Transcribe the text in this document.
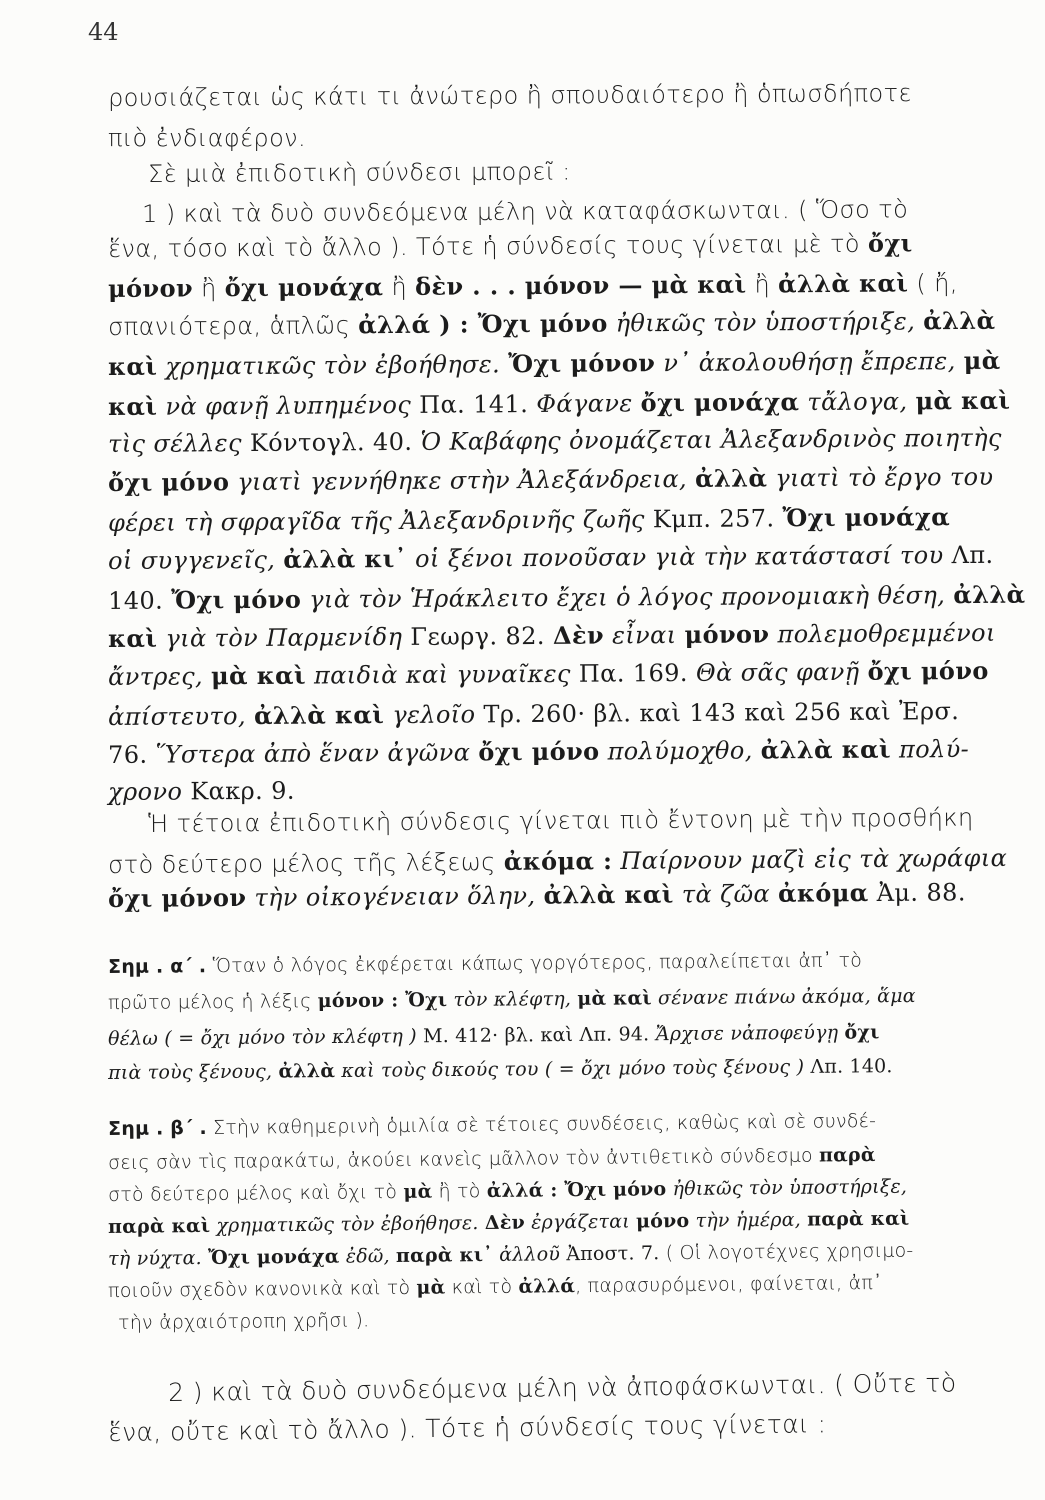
44
ρουσιάζεται ὡς κάτι τι ἀνώτερο ἢ σπουδαιότερο ἢ ὁπωσδήποτε
πιὸ ἐνδιαφέρον.
Σὲ μιὰ ἐπιδοτικὴ σύνδεσι μπορεῖ :
1 ) καὶ τὰ δυὸ συνδεόμενα μέλη νὰ καταφάσκωνται. ( Ὅσο τὸ
ἕνα, τόσο καὶ τὸ ἄλλο ). Τότε ἡ σύνδεσίς τους γίνεται μὲ τὸ ὄχι
μόνον ἢ ὄχι μονάχα ἢ δὲν . . . μόνον — μὰ καὶ ἢ ἀλλὰ καὶ ( ἤ,
σπανιότερα, ἁπλῶς ἀλλά ) : Ὄχι μόνο ἠθικῶς τὸν ὑποστήριξε, ἀλλὰ
καὶ χρηματικῶς τὸν ἐβοήθησε. Ὄχι μόνον ν᾽ ἀκολουθήσῃ ἔπρεπε, μὰ
καὶ νὰ φανῇ λυπημένος Πα. 141. Φάγανε ὄχι μονάχα τἄλογα, μὰ καὶ
τὶς σέλλες Κόντογλ. 40. Ὁ Καβάφης ὀνομάζεται Ἀλεξανδρινὸς ποιητὴς
ὄχι μόνο γιατὶ γεννήθηκε στὴν Ἀλεξάνδρεια, ἀλλὰ γιατὶ τὸ ἔργο του
φέρει τὴ σφραγῖδα τῆς Ἀλεξανδρινῆς ζωῆς Κμπ. 257. Ὄχι μονάχα
οἱ συγγενεῖς, ἀλλὰ κι᾽ οἱ ξένοι πονοῦσαν γιὰ τὴν κατάστασί του Λπ.
140. Ὄχι μόνο γιὰ τὸν Ἡράκλειτο ἔχει ὁ λόγος προνομιακὴ θέση, ἀλλὰ
καὶ γιὰ τὸν Παρμενίδη Γεωργ. 82. Δὲν εἶναι μόνον πολεμοθρεμμένοι
ἄντρες, μὰ καὶ παιδιὰ καὶ γυναῖκες Πα. 169. Θὰ σᾶς φανῇ ὄχι μόνο
ἀπίστευτο, ἀλλὰ καὶ γελοῖο Τρ. 260· βλ. καὶ 143 καὶ 256 καὶ Ἐρσ.
76. Ὕστερα ἀπὸ ἕναν ἀγῶνα ὄχι μόνο πολύμοχθο, ἀλλὰ καὶ πολύ-
χρονο Κακρ. 9.
Ἡ τέτοια ἐπιδοτικὴ σύνδεσις γίνεται πιὸ ἔντονη μὲ τὴν προσθήκη
στὸ δεύτερο μέλος τῆς λέξεως ἀκόμα : Παίρνουν μαζὶ εἰς τὰ χωράφια
ὄχι μόνον τὴν οἰκογένειαν ὅλην, ἀλλὰ καὶ τὰ ζῶα ἀκόμα Ἀμ. 88.
Σημ . α΄ . Ὅταν ὁ λόγος ἐκφέρεται κάπως γοργότερος, παραλείπεται ἀπ᾽ τὸ
πρῶτο μέλος ἡ λέξις μόνον : Ὄχι τὸν κλέφτη, μὰ καὶ σένανε πιάνω ἀκόμα, ἅμα
θέλω ( = ὄχι μόνο τὸν κλέφτη ) Μ. 412· βλ. καὶ Λπ. 94. Ἄρχισε νἀποφεύγῃ ὄχι
πιὰ τοὺς ξένους, ἀλλὰ καὶ τοὺς δικούς του ( = ὄχι μόνο τοὺς ξένους ) Λπ. 140.
Σημ . β΄ . Στὴν καθημερινὴ ὁμιλία σὲ τέτοιες συνδέσεις, καθὼς καὶ σὲ συνδέ-
σεις σὰν τὶς παρακάτω, ἀκούει κανεὶς μᾶλλον τὸν ἀντιθετικὸ σύνδεσμο παρὰ
στὸ δεύτερο μέλος καὶ ὄχι τὸ μὰ ἢ τὸ ἀλλά : Ὄχι μόνο ἠθικῶς τὸν ὑποστήριξε,
παρὰ καὶ χρηματικῶς τὸν ἐβοήθησε. Δὲν ἐργάζεται μόνο τὴν ἡμέρα, παρὰ καὶ
τὴ νύχτα. Ὄχι μονάχα ἐδῶ, παρὰ κι᾽ ἀλλοῦ Ἀποστ. 7. ( Οἱ λογοτέχνες χρησιμο-
ποιοῦν σχεδὸν κανονικὰ καὶ τὸ μὰ καὶ τὸ ἀλλά, παρασυρόμενοι, φαίνεται, ἀπ᾽
τὴν ἀρχαιότροπη χρῆσι ).
2 ) καὶ τὰ δυὸ συνδεόμενα μέλη νὰ ἀποφάσκωνται. ( Οὔτε τὸ
ἕνα, οὔτε καὶ τὸ ἄλλο ). Τότε ἡ σύνδεσίς τους γίνεται :
